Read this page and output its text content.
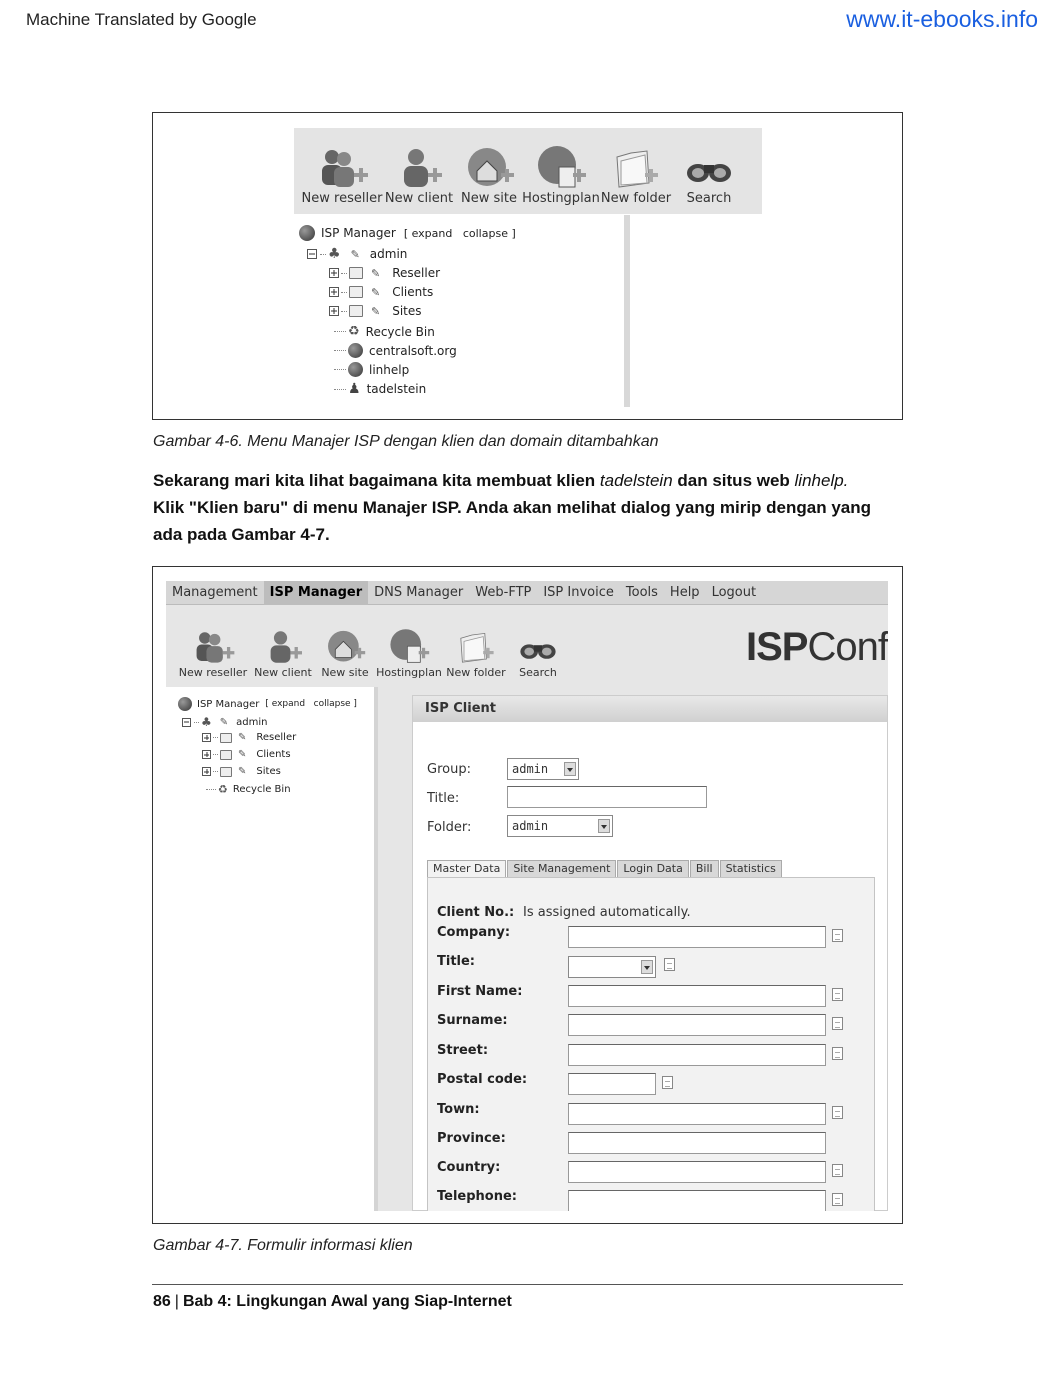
Machine Translated by Google	www.it-ebooks.info
New reseller New client New site Hostingplan New folder Search
ISP Manager [ expand   collapse ]
♣ ✎ admin
✎ Reseller
✎ Clients
✎ Sites
♻ Recycle Bin
centralsoft.org
linhelp
♟ tadelstein
Gambar 4-6. Menu Manajer ISP dengan klien dan domain ditambahkan
Sekarang mari kita lihat bagaimana kita membuat klien tadelstein dan situs web linhelp.
Klik "Klien baru" di menu Manajer ISP. Anda akan melihat dialog yang mirip dengan yang ada pada Gambar 4-7.
Management ISP Manager DNS Manager Web-FTP ISP Invoice Tools Help Logout
New reseller New client New site Hostingplan New folder Search
ISPConf
ISP Manager [ expand   collapse ]
♣ ✎ admin
✎ Reseller
✎ Clients
✎ Sites
♻ Recycle Bin
ISP Client
Group:	admin
Title:
Folder:	admin
Master Data	Site Management	Login Data	Bill	Statistics
Client No.: Is assigned automatically.
Company:
Title:
First Name:
Surname:
Street:
Postal code:
Town:
Province:
Country:
Telephone:
Gambar 4-7. Formulir informasi klien
86 | Bab 4: Lingkungan Awal yang Siap-Internet
